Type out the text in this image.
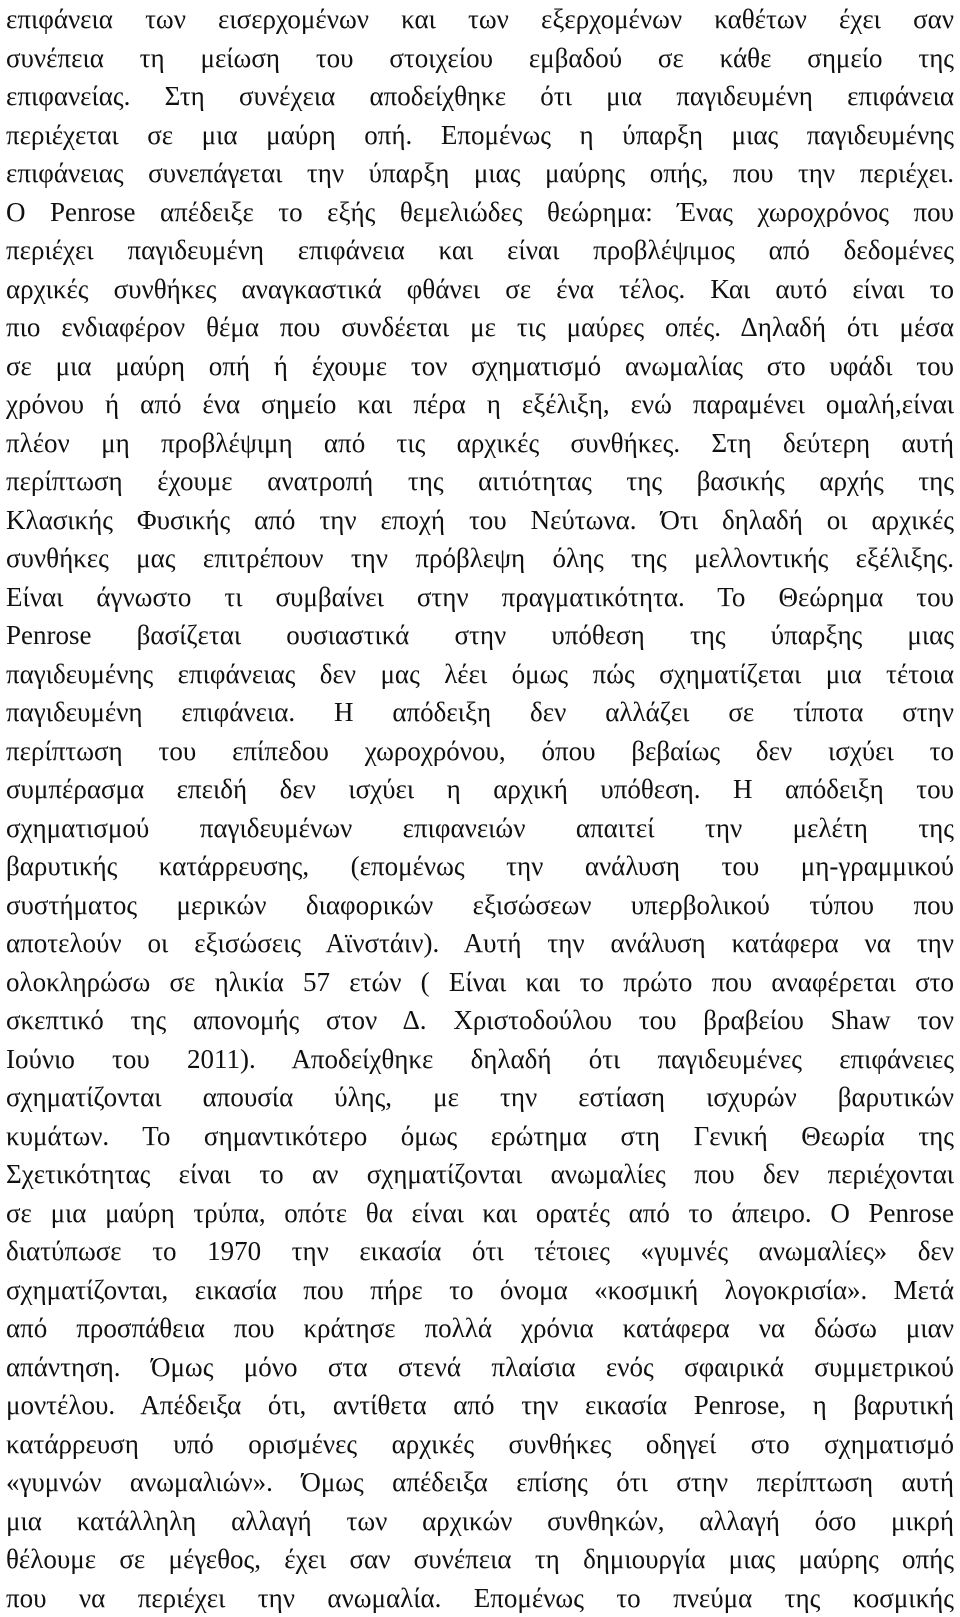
επιφάνεια των εισερχομένων και των εξερχομένων καθέτων έχει σαν
συνέπεια τη μείωση του στοιχείου εμβαδού σε κάθε σημείο της
επιφανείας. Στη συνέχεια αποδείχθηκε ότι μια παγιδευμένη επιφάνεια
περιέχεται σε μια μαύρη οπή. Επομένως η ύπαρξη μιας παγιδευμένης
επιφάνειας συνεπάγεται την ύπαρξη μιας μαύρης οπής, που την περιέχει.
Ο Penrose απέδειξε το εξής θεμελιώδες θεώρημα: Ένας χωροχρόνος που
περιέχει παγιδευμένη επιφάνεια και είναι προβλέψιμος από δεδομένες
αρχικές συνθήκες αναγκαστικά φθάνει σε ένα τέλος. Και αυτό είναι το
πιο ενδιαφέρον θέμα που συνδέεται με τις μαύρες οπές. Δηλαδή ότι μέσα
σε μια μαύρη οπή ή έχουμε τον σχηματισμό ανωμαλίας στο υφάδι του
χρόνου ή από ένα σημείο και πέρα η εξέλιξη, ενώ παραμένει ομαλή,είναι
πλέον μη προβλέψιμη από τις αρχικές συνθήκες. Στη δεύτερη αυτή
περίπτωση έχουμε ανατροπή της αιτιότητας της βασικής αρχής της
Κλασικής Φυσικής από την εποχή του Νεύτωνα. Ότι δηλαδή οι αρχικές
συνθήκες μας επιτρέπουν την πρόβλεψη όλης της μελλοντικής εξέλιξης.
Είναι άγνωστο τι συμβαίνει στην πραγματικότητα. Το Θεώρημα του
Penrose βασίζεται ουσιαστικά στην υπόθεση της ύπαρξης μιας
παγιδευμένης επιφάνειας δεν μας λέει όμως πώς σχηματίζεται μια τέτοια
παγιδευμένη επιφάνεια. Η απόδειξη δεν αλλάζει σε τίποτα στην
περίπτωση του επίπεδου χωροχρόνου, όπου βεβαίως δεν ισχύει το
συμπέρασμα επειδή δεν ισχύει η αρχική υπόθεση. Η απόδειξη του
σχηματισμού παγιδευμένων επιφανειών απαιτεί την μελέτη της
βαρυτικής κατάρρευσης, (επομένως την ανάλυση του μη-γραμμικού
συστήματος μερικών διαφορικών εξισώσεων υπερβολικού τύπου που
αποτελούν οι εξισώσεις Αϊνστάιν). Αυτή την ανάλυση κατάφερα να την
ολοκληρώσω σε ηλικία 57 ετών ( Είναι και το πρώτο που αναφέρεται στο
σκεπτικό της απονομής στον Δ. Χριστοδούλου του βραβείου Shaw τον
Ιούνιο του 2011). Αποδείχθηκε δηλαδή ότι παγιδευμένες επιφάνειες
σχηματίζονται απουσία ύλης, με την εστίαση ισχυρών βαρυτικών
κυμάτων. Το σημαντικότερο όμως ερώτημα στη Γενική Θεωρία της
Σχετικότητας είναι το αν σχηματίζονται ανωμαλίες που δεν περιέχονται
σε μια μαύρη τρύπα, οπότε θα είναι και ορατές από το άπειρο. Ο Penrose
διατύπωσε το 1970 την εικασία ότι τέτοιες «γυμνές ανωμαλίες» δεν
σχηματίζονται, εικασία που πήρε το όνομα «κοσμική λογοκρισία». Μετά
από προσπάθεια που κράτησε πολλά χρόνια κατάφερα να δώσω μιαν
απάντηση. Όμως μόνο στα στενά πλαίσια ενός σφαιρικά συμμετρικού
μοντέλου. Απέδειξα ότι, αντίθετα από την εικασία Penrose, η βαρυτική
κατάρρευση υπό ορισμένες αρχικές συνθήκες οδηγεί στο σχηματισμό
«γυμνών ανωμαλιών». Όμως απέδειξα επίσης ότι στην περίπτωση αυτή
μια κατάλληλη αλλαγή των αρχικών συνθηκών, αλλαγή όσο μικρή
θέλουμε σε μέγεθος, έχει σαν συνέπεια τη δημιουργία μιας μαύρης οπής
που να περιέχει την ανωμαλία. Επομένως το πνεύμα της κοσμικής
